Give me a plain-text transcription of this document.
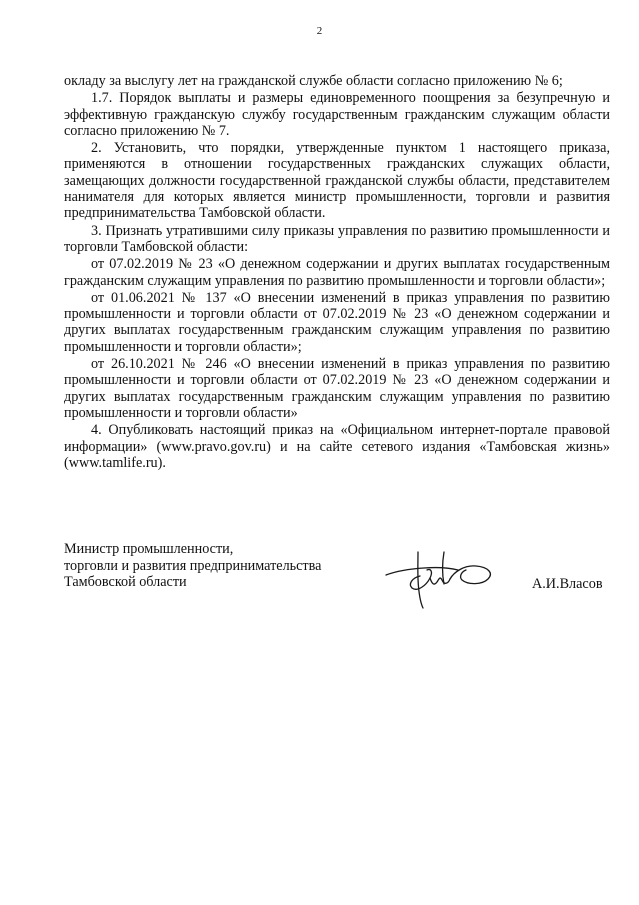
2

окладу за выслугу лет на гражданской службе области согласно приложению № 6;

1.7. Порядок выплаты и размеры единовременного поощрения за безупречную и эффективную гражданскую службу государственным гражданским служащим области согласно приложению № 7.

2. Установить, что порядки, утвержденные пунктом 1 настоящего приказа, применяются в отношении государственных гражданских служащих области, замещающих должности государственной гражданской службы области, представителем нанимателя для которых является министр промышленности, торговли и развития предпринимательства Тамбовской области.

3. Признать утратившими силу приказы управления по развитию промышленности и торговли Тамбовской области:

от 07.02.2019 № 23 «О денежном содержании и других выплатах государственным гражданским служащим управления по развитию промышленности и торговли области»;

от 01.06.2021 № 137 «О внесении изменений в приказ управления по развитию промышленности и торговли области от 07.02.2019 № 23 «О денежном содержании и других выплатах государственным гражданским служащим управления по развитию промышленности и торговли области»;

от 26.10.2021 № 246 «О внесении изменений в приказ управления по развитию промышленности и торговли области от 07.02.2019 № 23 «О денежном содержании и других выплатах государственным гражданским служащим управления по развитию промышленности и торговли области»

4. Опубликовать настоящий приказ на «Официальном интернет-портале правовой информации» (www.pravo.gov.ru) и на сайте сетевого издания «Тамбовская жизнь» (www.tamlife.ru).

Министр промышленности,
торговли и развития предпринимательства
Тамбовской области	А.И.Власов
